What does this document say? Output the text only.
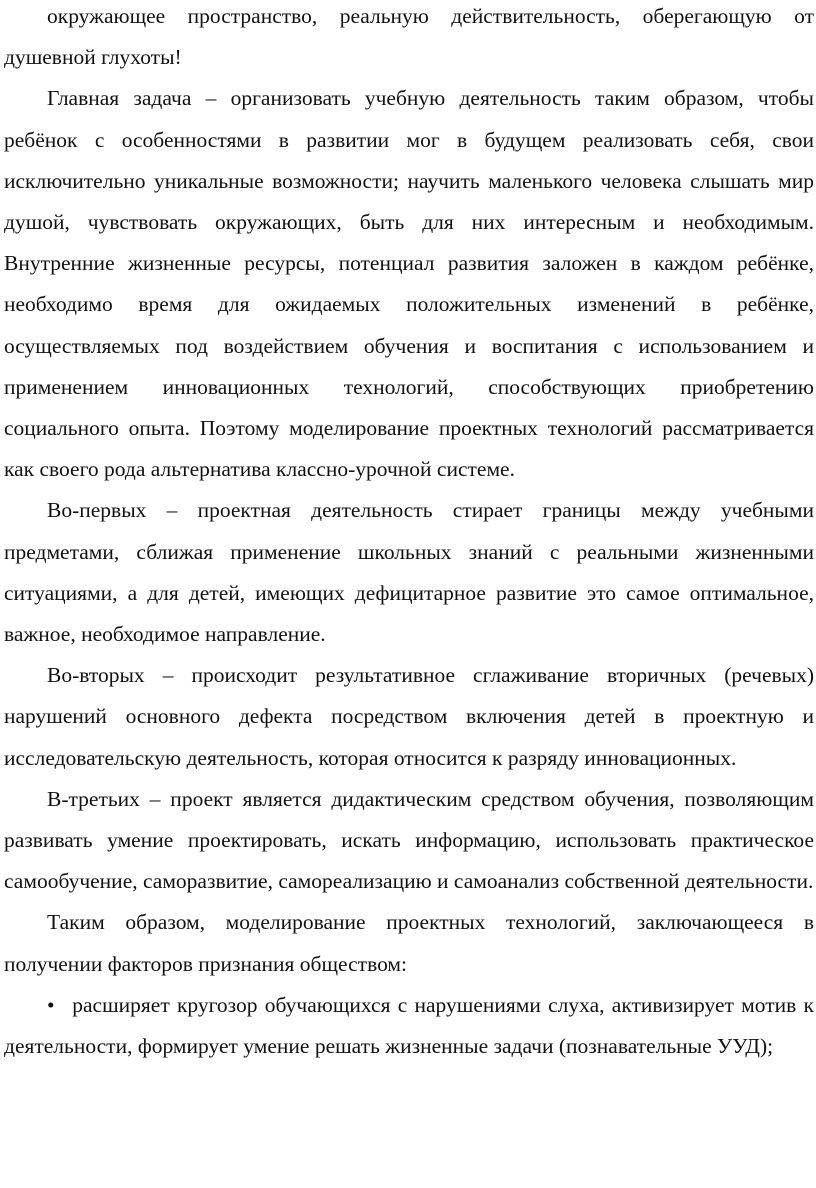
окружающее пространство, реальную действительность, оберегающую от душевной глухоты!

Главная задача – организовать учебную деятельность таким образом, чтобы ребёнок с особенностями в развитии мог в будущем реализовать себя, свои исключительно уникальные возможности; научить маленького человека слышать мир душой, чувствовать окружающих, быть для них интересным и необходимым. Внутренние жизненные ресурсы, потенциал развития заложен в каждом ребёнке, необходимо время для ожидаемых положительных изменений в ребёнке, осуществляемых под воздействием обучения и воспитания с использованием и применением инновационных технологий, способствующих приобретению социального опыта. Поэтому моделирование проектных технологий рассматривается как своего рода альтернатива классно-урочной системе.

Во-первых – проектная деятельность стирает границы между учебными предметами, сближая применение школьных знаний с реальными жизненными ситуациями, а для детей, имеющих дефицитарное развитие это самое оптимальное, важное, необходимое направление.

Во-вторых – происходит результативное сглаживание вторичных (речевых) нарушений основного дефекта посредством включения детей в проектную и исследовательскую деятельность, которая относится к разряду инновационных.

В-третьих – проект является дидактическим средством обучения, позволяющим развивать умение проектировать, искать информацию, использовать практическое самообучение, саморазвитие, самореализацию и самоанализ собственной деятельности.

Таким образом, моделирование проектных технологий, заключающееся в получении факторов признания обществом:

• расширяет кругозор обучающихся с нарушениями слуха, активизирует мотив к деятельности, формирует умение решать жизненные задачи (познавательные УУД);
